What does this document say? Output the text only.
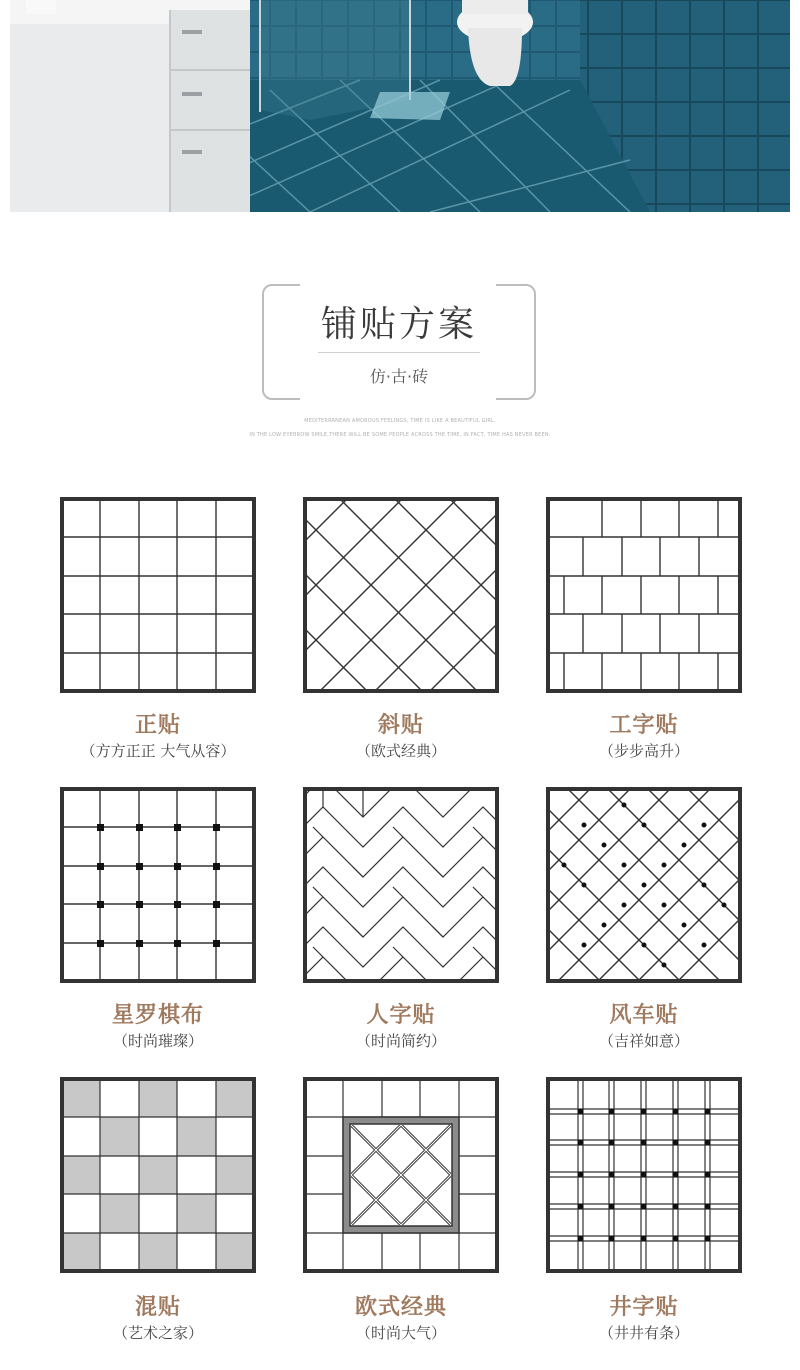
铺贴方案
仿·古·砖
MEDITERRANEAN AMOROUS FEELINGS, TIME IS LIKE A BEAUTIFUL GIRL,
IN THE LOW EYEBROW SMILE,THERE WILL BE SOME PEOPLE ACROSS THE TIME, IN FACT, TIME HAS NEVER BEEN.
正贴
（方方正正 大气从容）
斜贴
（欧式经典）
工字贴
（步步高升）
星罗棋布
（时尚璀璨）
人字贴
（时尚简约）
风车贴
（吉祥如意）
混贴
（艺术之家）
欧式经典
（时尚大气）
井字贴
（井井有条）
